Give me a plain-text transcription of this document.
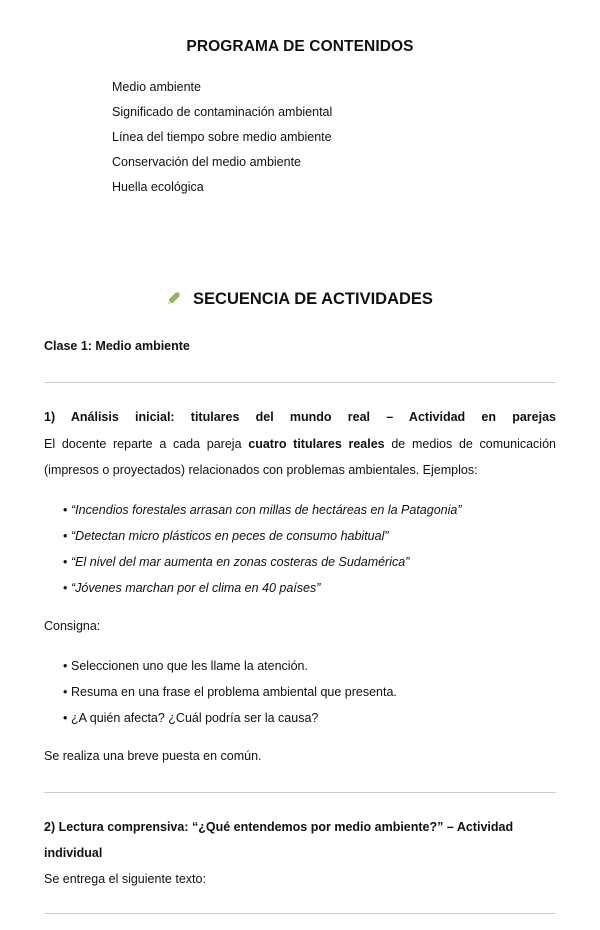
PROGRAMA DE CONTENIDOS
Medio ambiente
Significado de contaminación ambiental
Línea del tiempo sobre medio ambiente
Conservación del medio ambiente
Huella ecológica
SECUENCIA DE ACTIVIDADES
Clase 1: Medio ambiente
1) Análisis inicial: titulares del mundo real – Actividad en parejas
El docente reparte a cada pareja cuatro titulares reales de medios de comunicación (impresos o proyectados) relacionados con problemas ambientales. Ejemplos:
• “Incendios forestales arrasan con millas de hectáreas en la Patagonia”
• “Detectan micro plásticos en peces de consumo habitual”
• “El nivel del mar aumenta en zonas costeras de Sudamérica”
• “Jóvenes marchan por el clima en 40 países”
Consigna:
• Seleccionen uno que les llame la atención.
• Resuma en una frase el problema ambiental que presenta.
• ¿A quién afecta? ¿Cuál podría ser la causa?
Se realiza una breve puesta en común.
2) Lectura comprensiva: “¿Qué entendemos por medio ambiente?” – Actividad individual
Se entrega el siguiente texto:
